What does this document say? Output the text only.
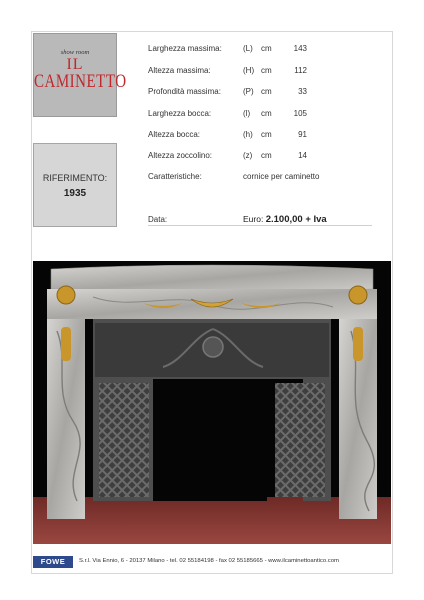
show room
IL
CAMINETTO
RIFERIMENTO:
1935
Larghezza massima:	(L) cm	143
Altezza massima:	(H) cm	112
Profondità massima:	(P) cm	33
Larghezza bocca:	(l) cm	105
Altezza bocca:	(h) cm	91
Altezza zoccolino:	(z) cm	14
Caratteristiche:	cornice per caminetto
Data:	Euro: 2.100,00 + Iva
FOWE	S.r.l. Via Ennio, 6 - 20137 Milano - tel. 02 55184198 - fax 02 55185665 - www.ilcaminettoantico.com
